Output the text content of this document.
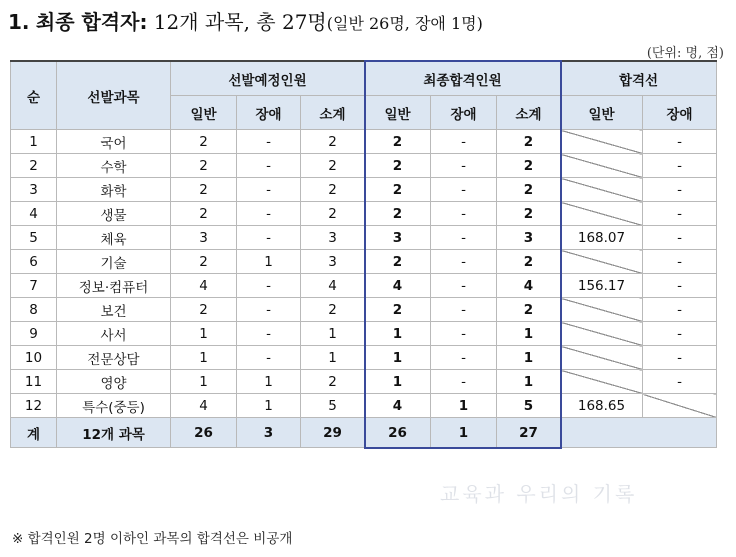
1. 최종 합격자: 12개 과목, 총 27명(일반 26명, 장애 1명)
(단위: 명, 점)
순	선발과목	선발예정인원			최종합격인원			합격선	
		일반	장애	소계	일반	장애	소계	일반	장애
1	국어	2	-	2	2	-	2		-
2	수학	2	-	2	2	-	2		-
3	화학	2	-	2	2	-	2		-
4	생물	2	-	2	2	-	2		-
5	체육	3	-	3	3	-	3	168.07	-
6	기술	2	1	3	2	-	2		-
7	정보·컴퓨터	4	-	4	4	-	4	156.17	-
8	보건	2	-	2	2	-	2		-
9	사서	1	-	1	1	-	1		-
10	전문상담	1	-	1	1	-	1		-
11	영양	1	1	2	1	-	1		-
12	특수(중등)	4	1	5	4	1	5	168.65	
계	12개 과목	26	3	29	26	1	27		
교육과 우리의 기록
※ 합격인원 2명 이하인 과목의 합격선은 비공개
